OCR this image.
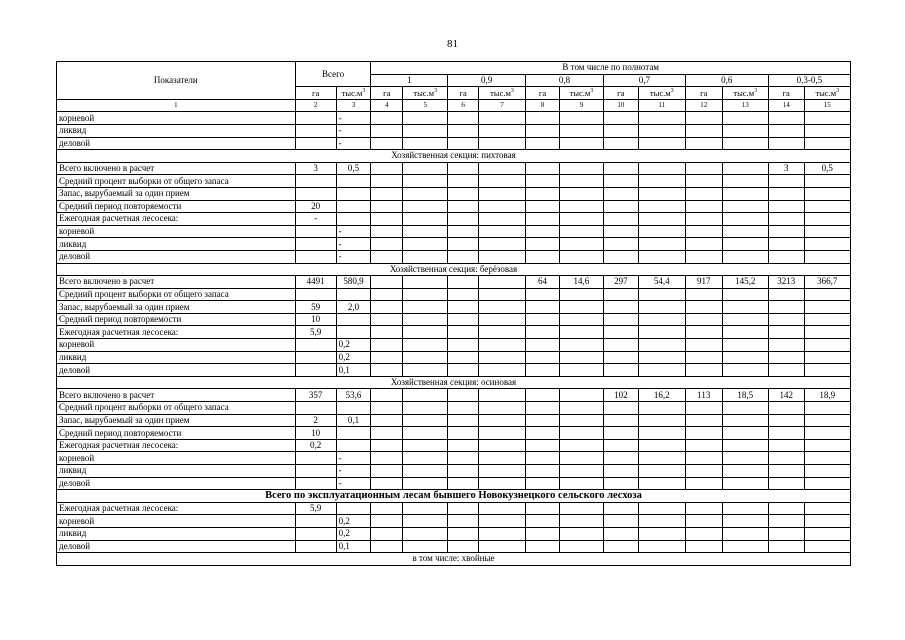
81
Показатели	Всего		В том числе по полнотам											
			1		0,9		0,8		0,7		0,6		0,3-0,5	
	га	$тыс.м^3$	га	$тыс.м^3$	га	$тыс.м^3$	га	$тыс.м^3$	га	$тыс.м^3$	га	$тыс.м^3$	га	$тыс.м^3$
1	2	3	4	5	6	7	8	9	10	11	12	13	14	15
корневой		-												
ликвид		-												
деловой		-												
Хозяйственная секция: пихтовая														
Всего включено в расчет	3	0,5											3	0,5
Средний процент выборки от общего запаса														
Запас, вырубаемый за один прием														
Средний период повторяемости	20													
Ежегодная расчетная лесосека:	-													
корневой		-												
ликвид		-												
деловой		-												
Хозяйственная секция: берёзовая														
Всего включено в расчет	4491	580,9					64	14,6	297	54,4	917	145,2	3213	366,7
Средний процент выборки от общего запаса														
Запас, вырубаемый за один прием	59	2,0												
Средний период повторяемости	10													
Ежегодная расчетная лесосека:	5,9													
корневой		0,2												
ликвид		0,2												
деловой		0,1												
Хозяйственная секция: осиновая														
Всего включено в расчет	357	53,6							102	16,2	113	18,5	142	18,9
Средний процент выборки от общего запаса														
Запас, вырубаемый за один прием	2	0,1												
Средний период повторяемости	10													
Ежегодная расчетная лесосека:	0,2													
корневой		-												
ликвид		-												
деловой		-												
Всего по эксплуатационным лесам бывшего Новокузнецкого сельского лесхоза														
Ежегодная расчетная лесосека:	5,9													
корневой		0,2												
ликвид		0,2												
деловой		0,1												
в том числе: хвойные														
